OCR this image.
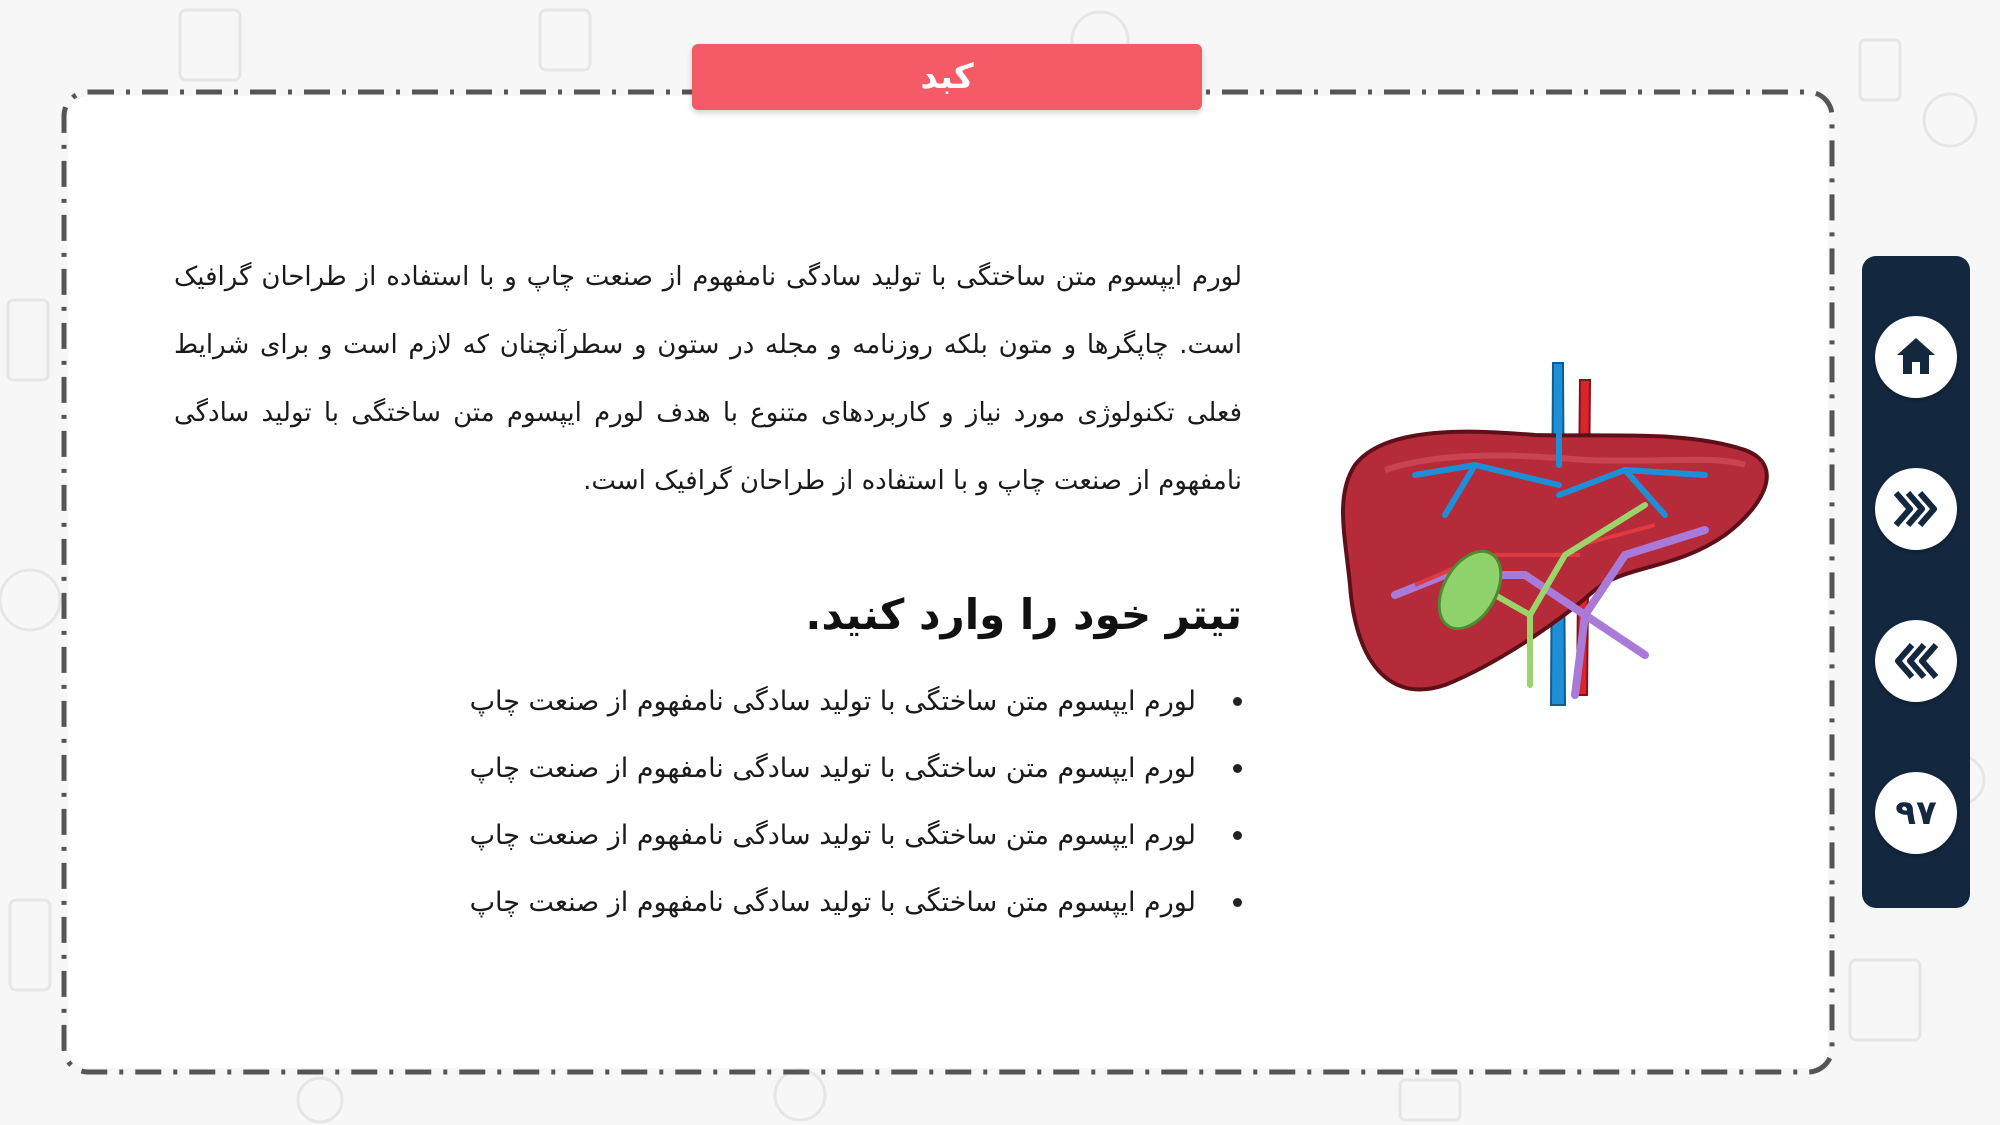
کبد
لورم ایپسوم متن ساختگی با تولید سادگی نامفهوم از صنعت چاپ و با استفاده از طراحان گرافیک است. چاپگرها و متون بلکه روزنامه و مجله در ستون و سطرآنچنان که لازم است و برای شرایط فعلی تکنولوژی مورد نیاز و کاربردهای متنوع با هدف لورم ایپسوم متن ساختگی با تولید سادگی نامفهوم از صنعت چاپ و با استفاده از طراحان گرافیک است.
تیتر خود را وارد کنید.
لورم ایپسوم متن ساختگی با تولید سادگی نامفهوم از صنعت چاپ
لورم ایپسوم متن ساختگی با تولید سادگی نامفهوم از صنعت چاپ
لورم ایپسوم متن ساختگی با تولید سادگی نامفهوم از صنعت چاپ
لورم ایپسوم متن ساختگی با تولید سادگی نامفهوم از صنعت چاپ
۹۷
